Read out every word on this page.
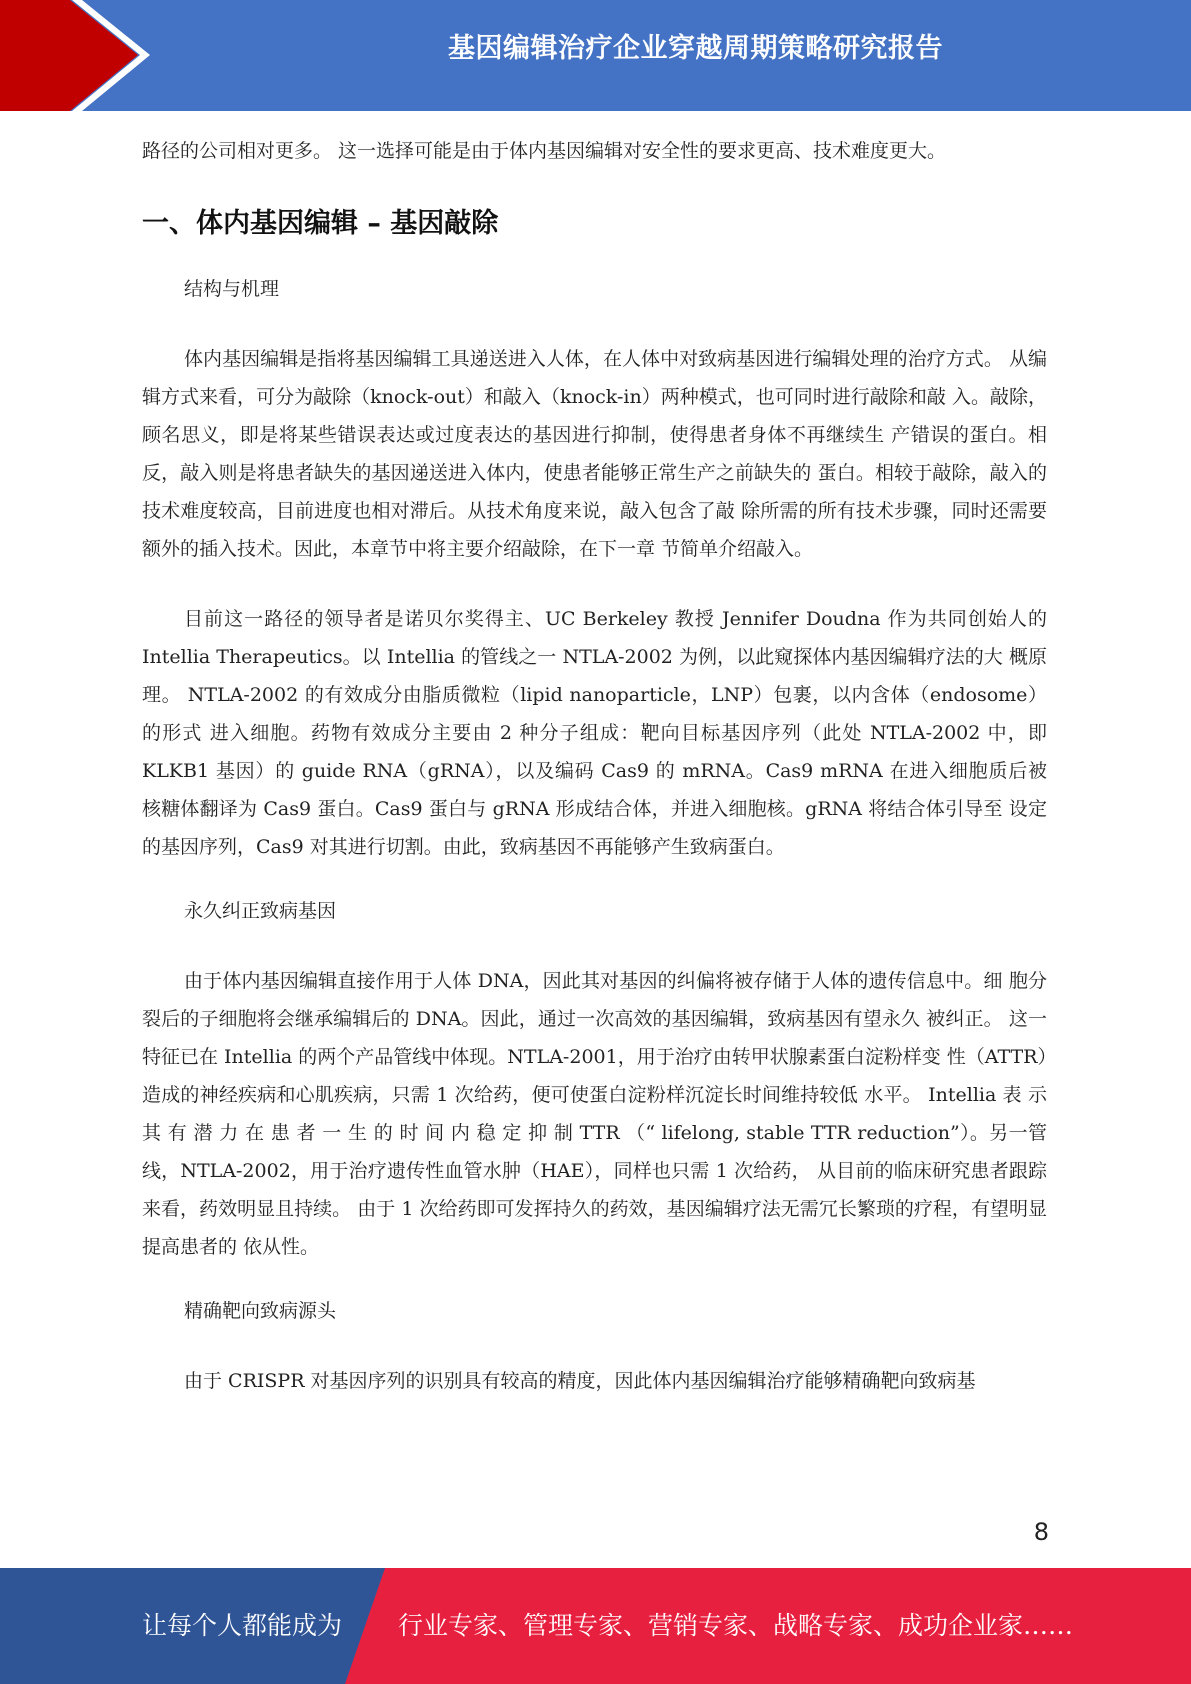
基因编辑治疗企业穿越周期策略研究报告

路径的公司相对更多。 这一选择可能是由于体内基因编辑对安全性的要求更高、技术难度更大。

一、体内基因编辑 – 基因敲除

结构与机理

体内基因编辑是指将基因编辑工具递送进入人体，在人体中对致病基因进行编辑处理的治疗方式。 从编辑方式来看，可分为敲除（knock-out）和敲入（knock-in）两种模式，也可同时进行敲除和敲 入。敲除，顾名思义，即是将某些错误表达或过度表达的基因进行抑制，使得患者身体不再继续生 产错误的蛋白。相反，敲入则是将患者缺失的基因递送进入体内，使患者能够正常生产之前缺失的 蛋白。相较于敲除，敲入的技术难度较高，目前进度也相对滞后。从技术角度来说，敲入包含了敲 除所需的所有技术步骤，同时还需要额外的插入技术。因此，本章节中将主要介绍敲除，在下一章 节简单介绍敲入。

目前这一路径的领导者是诺贝尔奖得主、UC Berkeley 教授 Jennifer Doudna 作为共同创始人的 Intellia Therapeutics。以 Intellia 的管线之一 NTLA-2002 为例，以此窥探体内基因编辑疗法的大 概原理。 NTLA-2002 的有效成分由脂质微粒（lipid nanoparticle，LNP）包裹，以内含体（endosome）的形式 进入细胞。药物有效成分主要由 2 种分子组成：靶向目标基因序列（此处 NTLA-2002 中，即 KLKB1 基因）的 guide RNA（gRNA），以及编码 Cas9 的 mRNA。Cas9 mRNA 在进入细胞质后被 核糖体翻译为 Cas9 蛋白。Cas9 蛋白与 gRNA 形成结合体，并进入细胞核。gRNA 将结合体引导至 设定的基因序列，Cas9 对其进行切割。由此，致病基因不再能够产生致病蛋白。

永久纠正致病基因

由于体内基因编辑直接作用于人体 DNA，因此其对基因的纠偏将被存储于人体的遗传信息中。细 胞分裂后的子细胞将会继承编辑后的 DNA。因此，通过一次高效的基因编辑，致病基因有望永久 被纠正。 这一特征已在 Intellia 的两个产品管线中体现。NTLA-2001，用于治疗由转甲状腺素蛋白淀粉样变 性（ATTR）造成的神经疾病和心肌疾病，只需 1 次给药，便可使蛋白淀粉样沉淀长时间维持较低 水平。 Intellia 表 示 其 有 潜 力 在 患 者 一 生 的 时 间 内 稳 定 抑 制 TTR （“ lifelong, stable TTR reduction”）。另一管线，NTLA-2002，用于治疗遗传性血管水肿（HAE），同样也只需 1 次给药， 从目前的临床研究患者跟踪来看，药效明显且持续。 由于 1 次给药即可发挥持久的药效，基因编辑疗法无需冗长繁琐的疗程，有望明显提高患者的 依从性。

精确靶向致病源头

由于 CRISPR 对基因序列的识别具有较高的精度，因此体内基因编辑治疗能够精确靶向致病基

8
让每个人都能成为 行业专家、管理专家、营销专家、战略专家、成功企业家……
